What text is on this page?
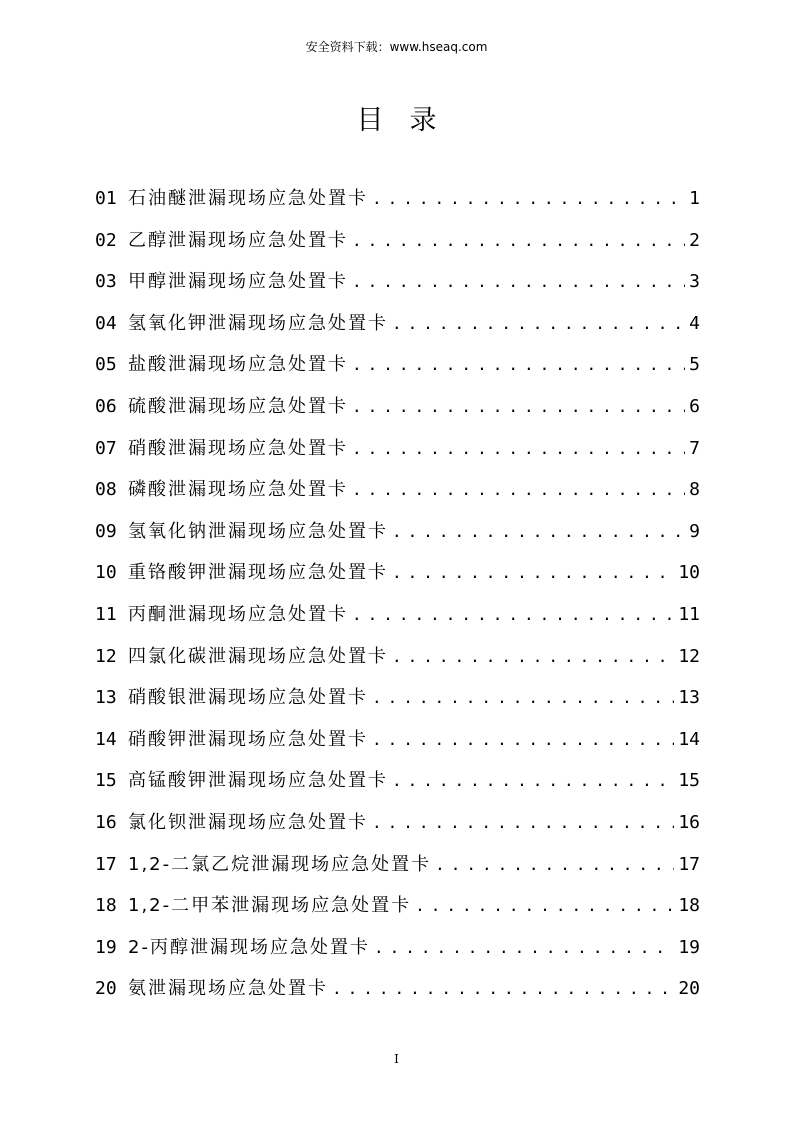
安全资料下载：www.hseaq.com
目录
01 石油醚泄漏现场应急处置卡 .....	1
02 乙醇泄漏现场应急处置卡 .....	2
03 甲醇泄漏现场应急处置卡 .....	3
04 氢氧化钾泄漏现场应急处置卡 .....	4
05 盐酸泄漏现场应急处置卡 .....	5
06 硫酸泄漏现场应急处置卡 .....	6
07 硝酸泄漏现场应急处置卡 .....	7
08 磷酸泄漏现场应急处置卡 .....	8
09 氢氧化钠泄漏现场应急处置卡 .....	9
10 重铬酸钾泄漏现场应急处置卡 .....	10
11 丙酮泄漏现场应急处置卡 .....	11
12 四氯化碳泄漏现场应急处置卡 .....	12
13 硝酸银泄漏现场应急处置卡 .....	13
14 硝酸钾泄漏现场应急处置卡 .....	14
15 高锰酸钾泄漏现场应急处置卡 .....	15
16 氯化钡泄漏现场应急处置卡 .....	16
17 1,2-二氯乙烷泄漏现场应急处置卡 .....	17
18 1,2-二甲苯泄漏现场应急处置卡 .....	18
19 2-丙醇泄漏现场应急处置卡 .....	19
20 氨泄漏现场应急处置卡 .....	20
I
